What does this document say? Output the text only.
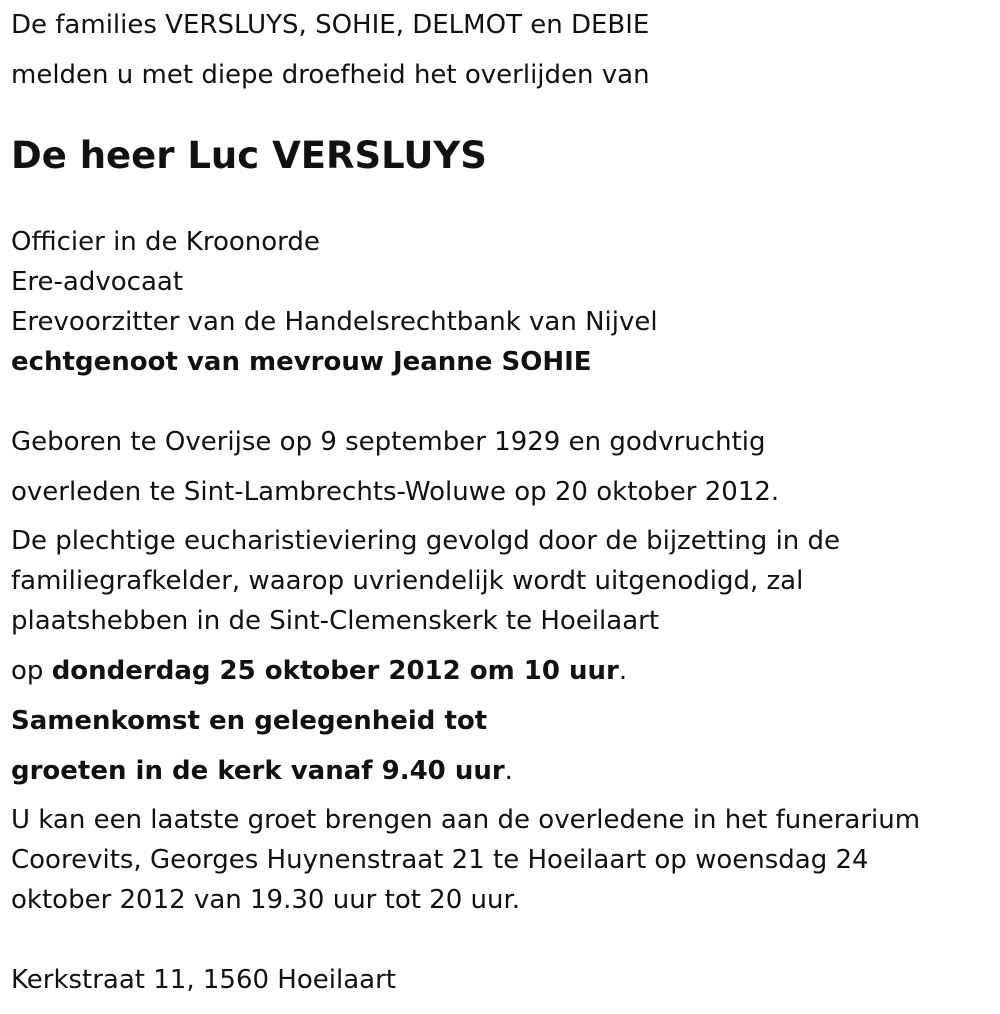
De families VERSLUYS, SOHIE, DELMOT en DEBIE
melden u met diepe droefheid het overlijden van
De heer Luc VERSLUYS
Officier in de Kroonorde
Ere-advocaat
Erevoorzitter van de Handelsrechtbank van Nijvel
echtgenoot van mevrouw Jeanne SOHIE
Geboren te Overijse op 9 september 1929 en godvruchtig
overleden te Sint-Lambrechts-Woluwe op 20 oktober 2012.
De plechtige eucharistieviering gevolgd door de bijzetting in de
familiegrafkelder, waarop uvriendelijk wordt uitgenodigd, zal
plaatshebben in de Sint-Clemenskerk te Hoeilaart
op donderdag 25 oktober 2012 om 10 uur.
Samenkomst en gelegenheid tot
groeten in de kerk vanaf 9.40 uur.
U kan een laatste groet brengen aan de overledene in het funerarium
Coorevits, Georges Huynenstraat 21 te Hoeilaart op woensdag 24
oktober 2012 van 19.30 uur tot 20 uur.
Kerkstraat 11, 1560 Hoeilaart
